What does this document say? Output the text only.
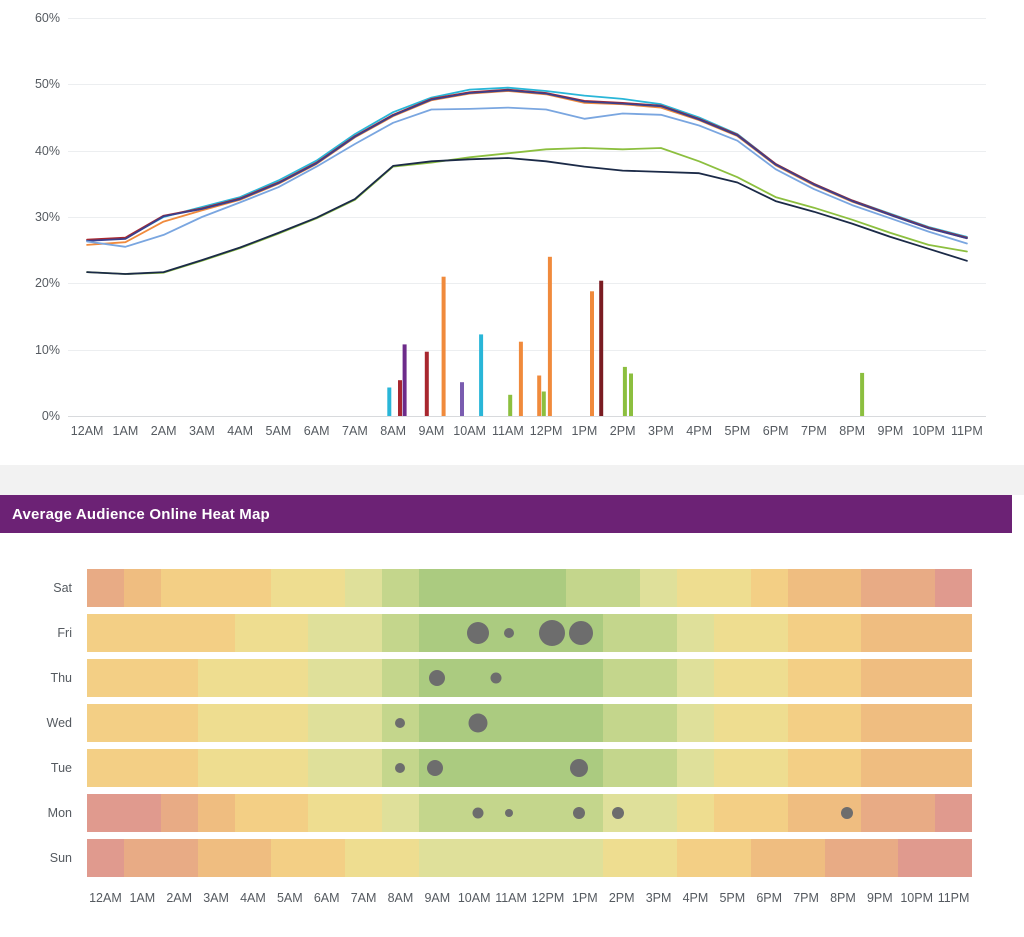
0%
10%
20%
30%
40%
50%
60%
12AM 1AM 2AM 3AM 4AM 5AM 6AM 7AM 8AM 9AM 10AM 11AM 12PM 1PM 2PM 3PM 4PM 5PM 6PM 7PM 8PM 9PM 10PM 11PM
Average Audience Online Heat Map
Sat
Fri
Thu
Wed
Tue
Mon
Sun
12AM 1AM 2AM 3AM 4AM 5AM 6AM 7AM 8AM 9AM 10AM 11AM 12PM 1PM 2PM 3PM 4PM 5PM 6PM 7PM 8PM 9PM 10PM 11PM
